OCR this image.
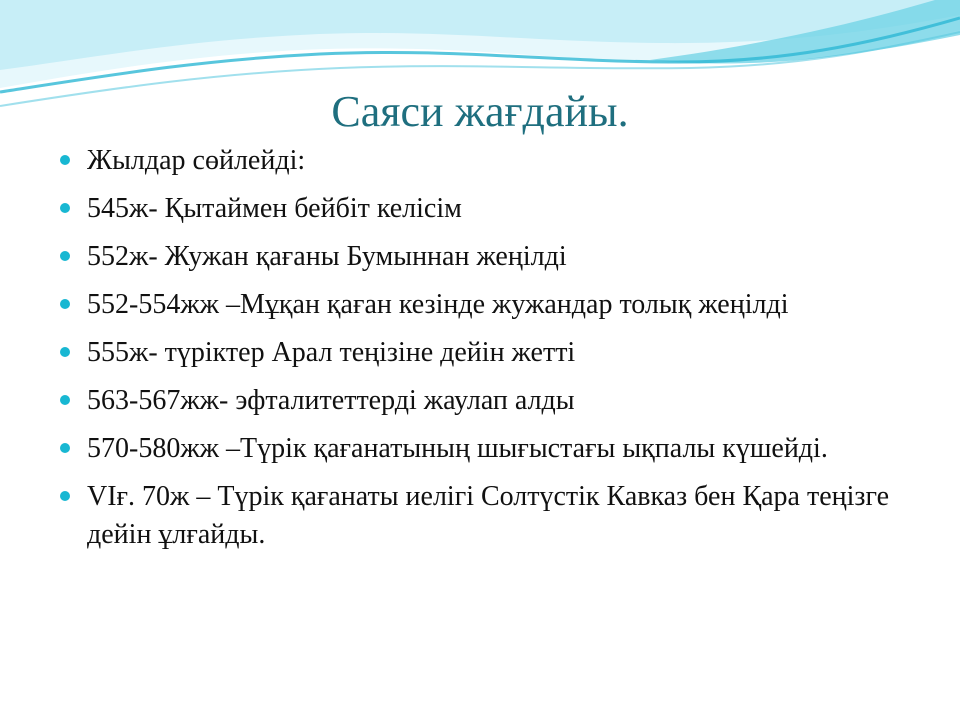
Саяси жағдайы.
Жылдар сөйлейді:
545ж- Қытаймен бейбіт келісім
552ж- Жужан қағаны Бумыннан жеңілді
552-554жж –Мұқан қаған кезінде жужандар толық жеңілді
555ж- түріктер Арал теңізіне дейін жетті
563-567жж- эфталитеттерді жаулап алды
570-580жж –Түрік қағанатының шығыстағы ықпалы күшейді.
VIғ. 70ж – Түрік қағанаты иелігі Солтүстік Кавказ бен Қара теңізге дейін ұлғайды.
